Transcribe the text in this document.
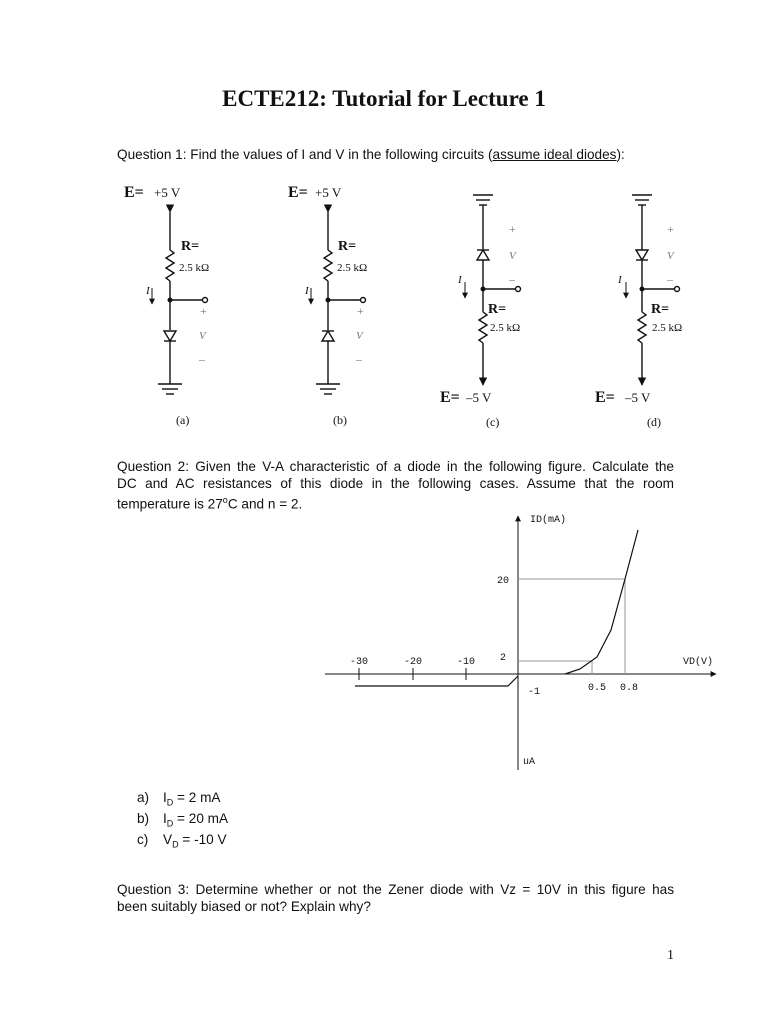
ECTE212: Tutorial for Lecture 1
Question 1: Find the values of I and V in the following circuits (assume ideal diodes):
E= +5 V
R=
2.5 kΩ
I
+
V
–
(a)
E= +5 V
R=
2.5 kΩ
I
+
V
–
(b)
R=
2.5 kΩ
I
+
V
–
E= –5 V
(c)
R=
2.5 kΩ
I
+
V
–
E= –5 V
(d)
ID(mA)
VD(V)
uA
20
2
-1
-30	-20	-10
0.5 0.8
Question 2: Given the V-A characteristic of a diode in the following figure. Calculate the
DC and AC resistances of this diode in the following cases. Assume that the room
temperature is 27$^o$C and n = 2.
a)	$I_D = 2$ mA
b)	$I_D = 20$ mA
c)	$V_D = -10$ V
Question 3: Determine whether or not the Zener diode with Vz = 10V in this figure has
been suitably biased or not? Explain why?
1
